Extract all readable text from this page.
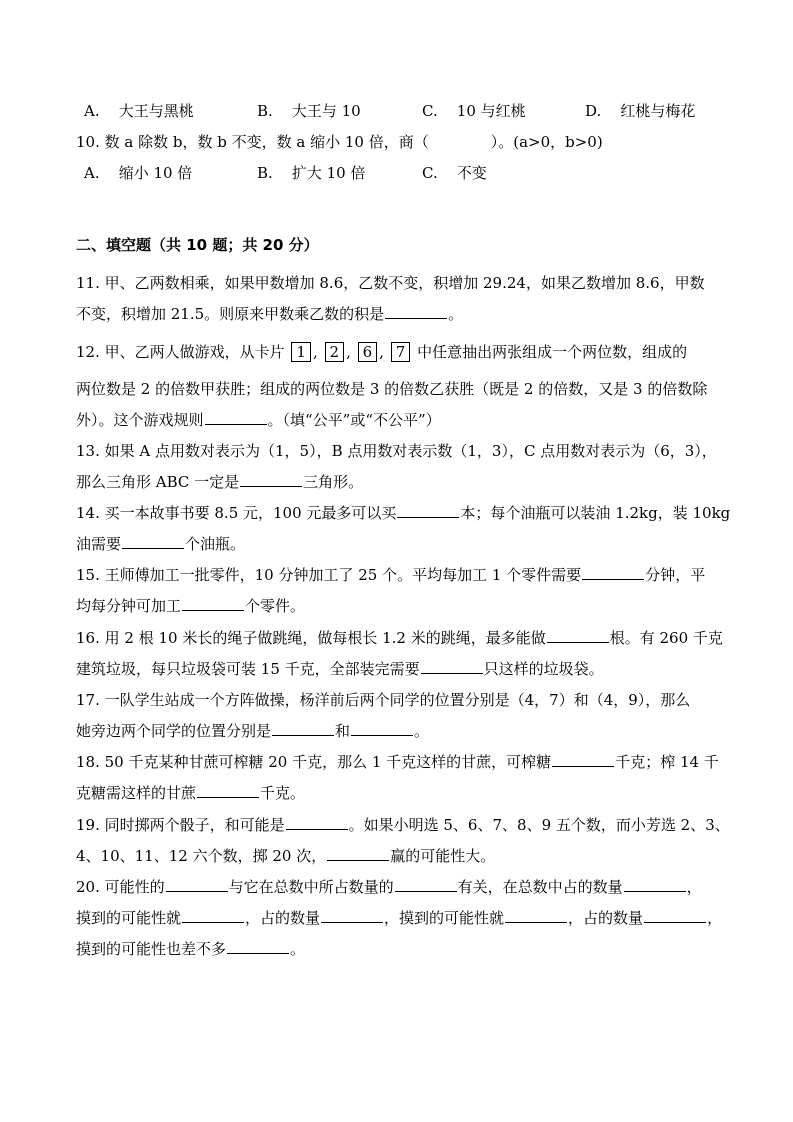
A. 大王与黑桃	B. 大王与 10	C. 10 与红桃	D. 红桃与梅花
10. 数 a 除数 b，数 b 不变，数 a 缩小 10 倍，商（	）。(a>0，b>0)
A. 缩小 10 倍	B. 扩大 10 倍	C. 不变
二、填空题（共 10 题；共 20 分）
11. 甲、乙两数相乘，如果甲数增加 8.6，乙数不变，积增加 29.24，如果乙数增加 8.6，甲数
不变，积增加 21.5。则原来甲数乘乙数的积是	。
12. 甲、乙两人做游戏，从卡片 1 , 2 , 6 , 7 中任意抽出两张组成一个两位数，组成的
两位数是 2 的倍数甲获胜；组成的两位数是 3 的倍数乙获胜（既是 2 的倍数，又是 3 的倍数除
外）。这个游戏规则	。（填“公平”或“不公平”）
13. 如果 A 点用数对表示为（1，5），B 点用数对表示数（1，3），C 点用数对表示为（6，3），
那么三角形 ABC 一定是	三角形。
14. 买一本故事书要 8.5 元，100 元最多可以买	本；每个油瓶可以装油 1.2kg，装 10kg
油需要	个油瓶。
15. 王师傅加工一批零件，10 分钟加工了 25 个。平均每加工 1 个零件需要	分钟，平
均每分钟可加工	个零件。
16. 用 2 根 10 米长的绳子做跳绳，做每根长 1.2 米的跳绳，最多能做	根。有 260 千克
建筑垃圾，每只垃圾袋可装 15 千克，全部装完需要	只这样的垃圾袋。
17. 一队学生站成一个方阵做操，杨洋前后两个同学的位置分别是（4，7）和（4，9），那么
她旁边两个同学的位置分别是	和	。
18. 50 千克某种甘蔗可榨糖 20 千克，那么 1 千克这样的甘蔗，可榨糖	千克；榨 14 千
克糖需这样的甘蔗	千克。
19. 同时掷两个骰子，和可能是	。如果小明选 5、6、7、8、9 五个数，而小芳选 2、3、
4、10、11、12 六个数，掷 20 次，	赢的可能性大。
20. 可能性的	与它在总数中所占数量的	有关，在总数中占的数量	，
摸到的可能性就	，占的数量	，摸到的可能性就	，占的数量	，
摸到的可能性也差不多	。
